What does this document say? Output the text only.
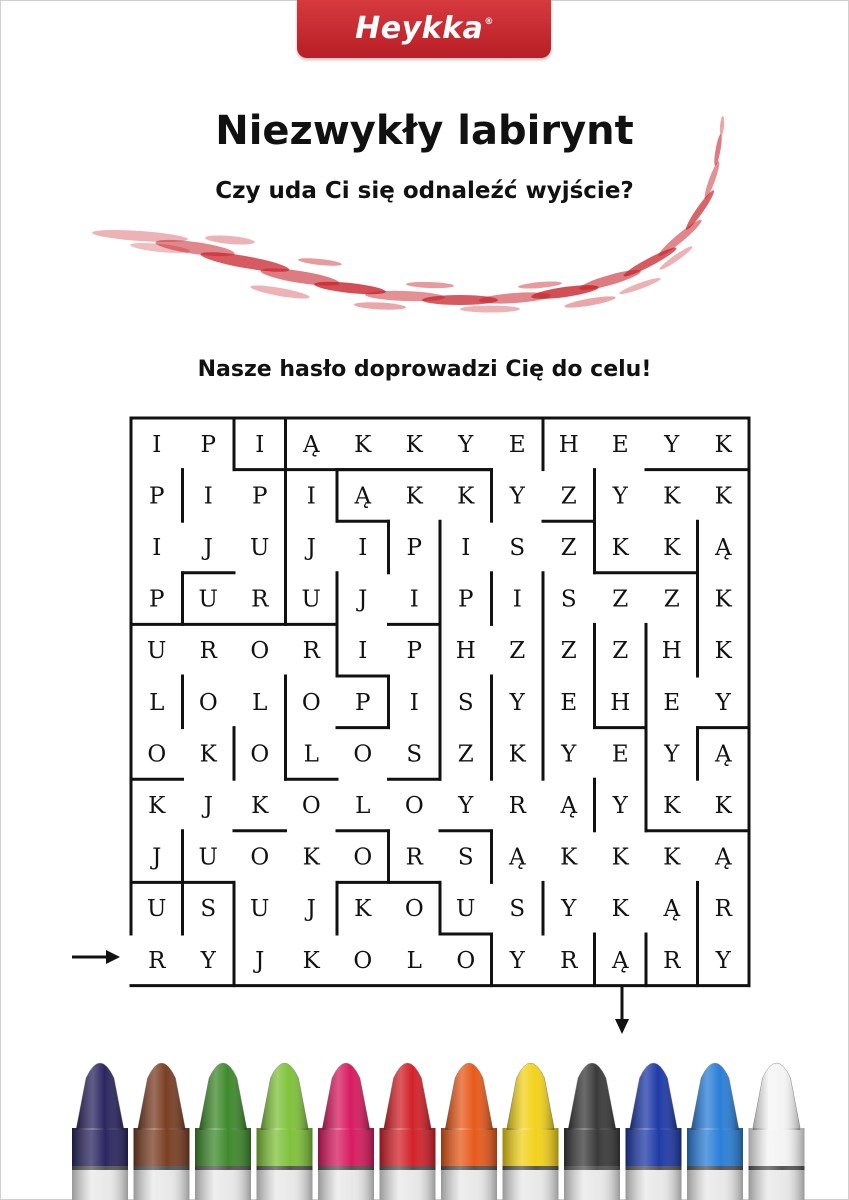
Heykka®
Niezwykły labirynt
Czy uda Ci się odnaleźć wyjście?
Nasze hasło doprowadzi Cię do celu!
I P I Ą K K Y E H E Y K
P I P I Ą K K Y Z Y K K
I J U J I P I S Z K K Ą
P U R U J I P I S Z Z K
U R O R I P H Z Z Z H K
L O L O P I S Y E H E Y
O K O L O S Z K Y E Y Ą
K J K O L O Y R Ą Y K K
J U O K O R S Ą K K K Ą
U S U J K O U S Y K Ą R
R Y J K O L O Y R Ą R Y
